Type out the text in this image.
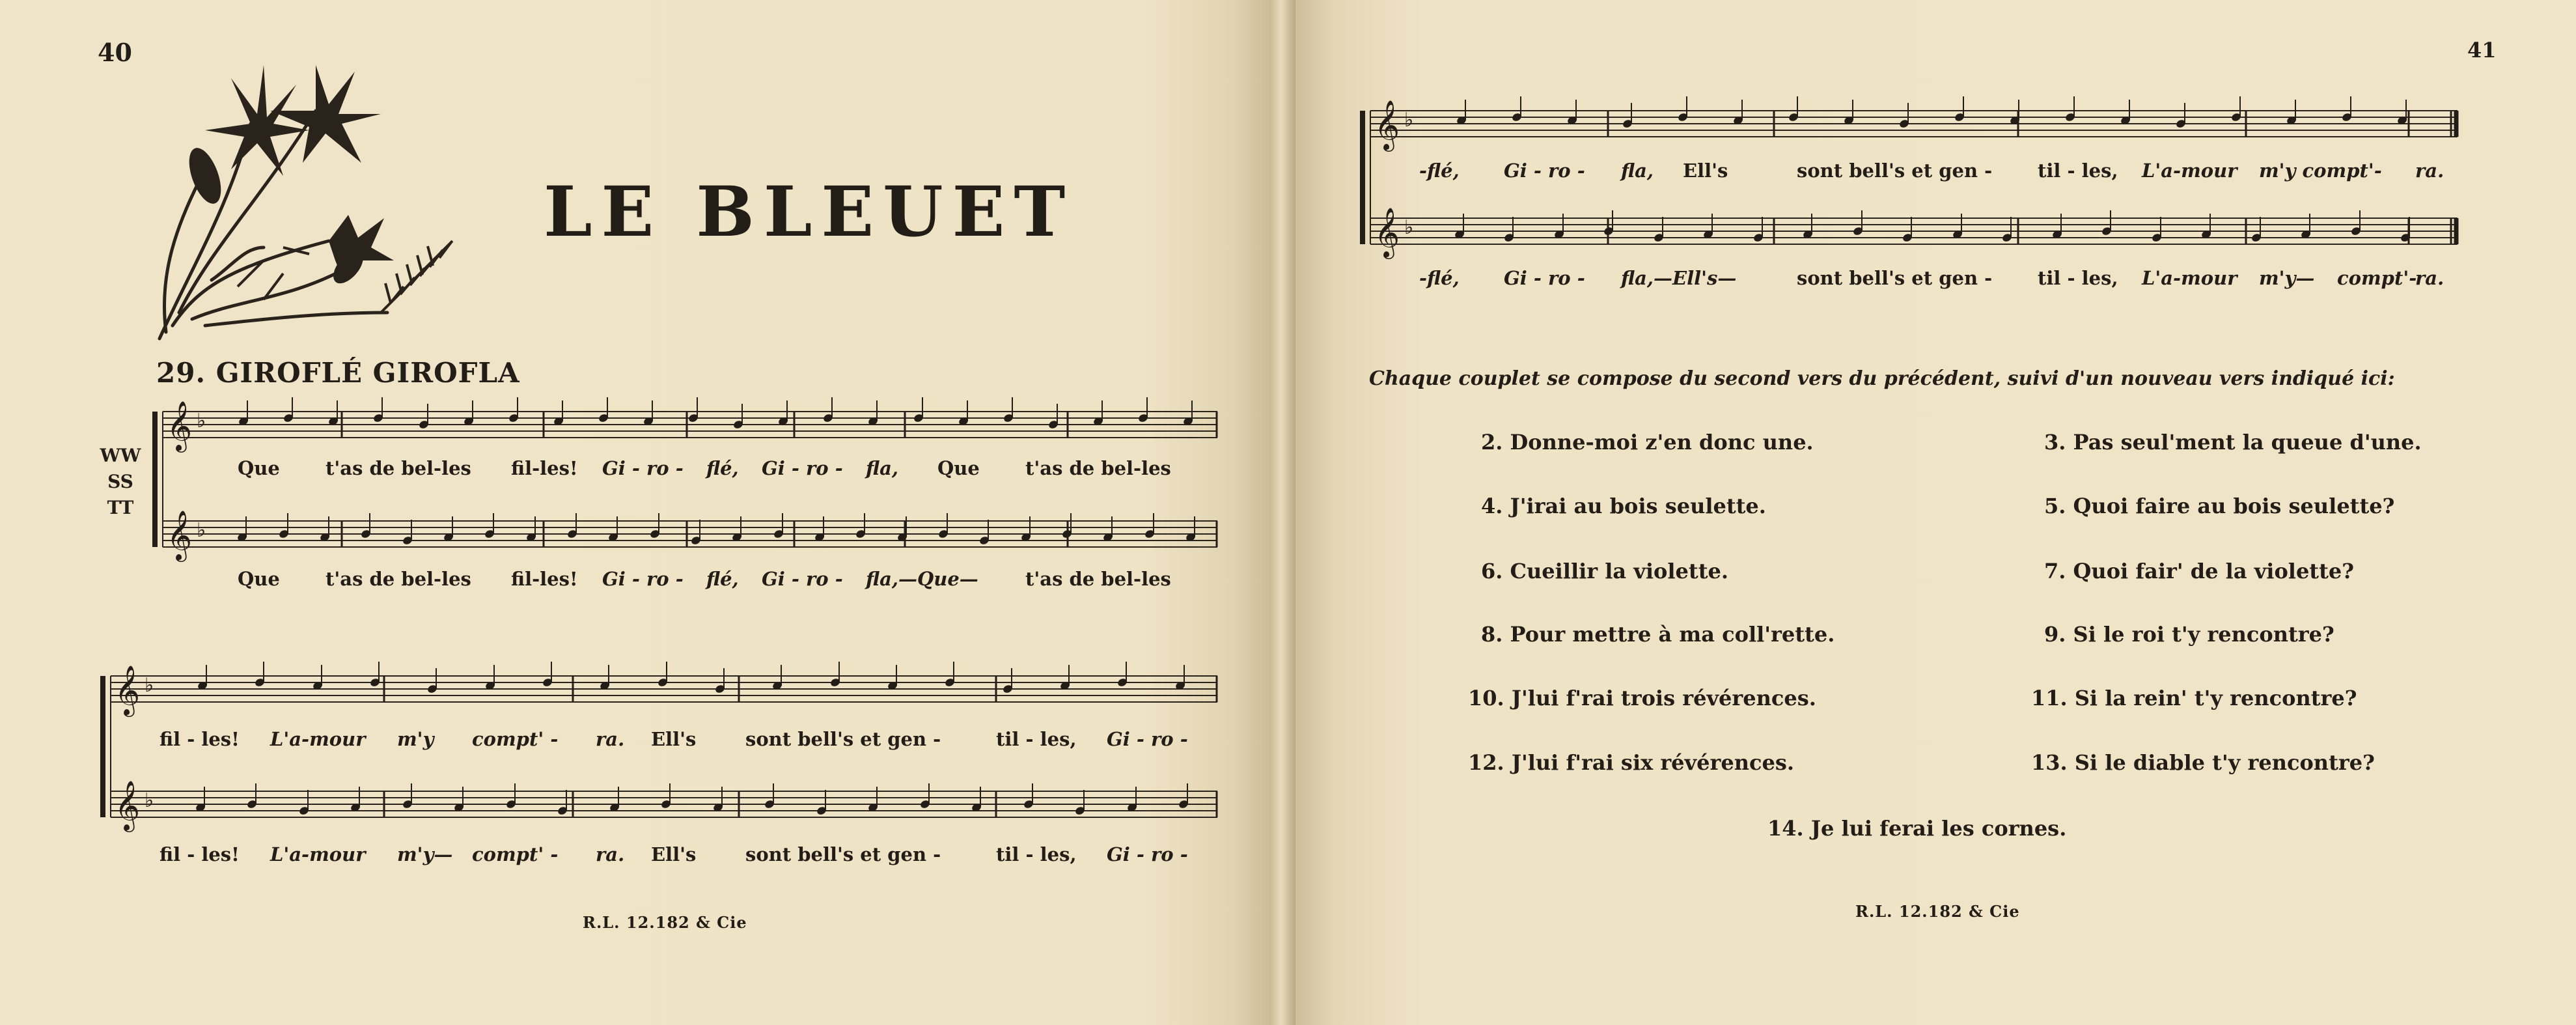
40
LE BLEUET
29. GIROFLÉ GIROFLA
WW
SS
TT
𝄞 ♭
𝄞 ♭
Que t'as de bel-les fil-les! Gi - ro - flé, Gi - ro - fla, Que t'as de bel-les
Que t'as de bel-les fil-les! Gi - ro - flé, Gi - ro - fla,—Que— t'as de bel-les
𝄞 ♭
𝄞 ♭
fil - les! L'a-mour m'y compt' - ra. Ell's	sont bell's et gen -	til - les, Gi - ro -
fil - les! L'a-mour m'y— compt' - ra. Ell's	sont bell's et gen -	til - les, Gi - ro -
R.L. 12.182 & Cie
41
𝄞 ♭
𝄞 ♭
-flé, Gi - ro - fla, Ell's	sont bell's et gen - til - les, L'a-mour m'y compt'- ra.
-flé, Gi - ro - fla,—Ell's—	sont bell's et gen - til - les, L'a-mour m'y— compt'-
ra.
Chaque couplet se compose du second vers du précédent, suivi d'un nouveau vers indiqué ici:
2. Donne-moi z'en donc une.
4. J'irai au bois seulette.
6. Cueillir la violette.
8. Pour mettre à ma coll'rette.
10. J'lui f'rai trois révérences.
12. J'lui f'rai six révérences.
3. Pas seul'ment la queue d'une.
5. Quoi faire au bois seulette?
7. Quoi fair' de la violette?
9. Si le roi t'y rencontre?
11. Si la rein' t'y rencontre?
13. Si le diable t'y rencontre?
14. Je lui ferai les cornes.
R.L. 12.182 & Cie
